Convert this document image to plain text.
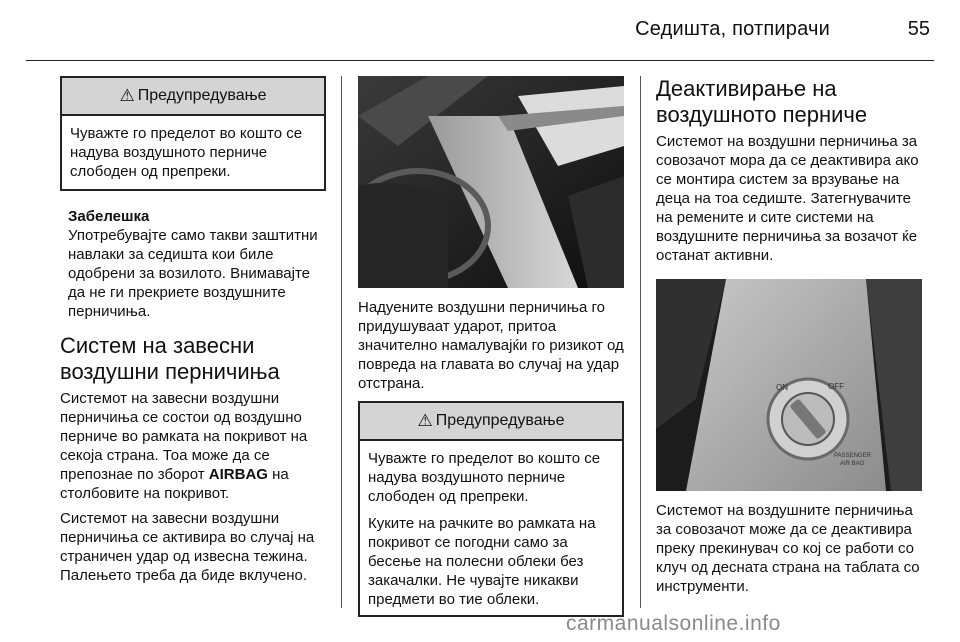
Седишта, потпирачи	55
⚠ Предупредување

Чуважте го пределот во кошто се надува воздушното перниче слободен од препреки.

Забелешка
Употребувајте само такви заштитни навлаки за седишта кои биле одобрени за возилото. Внимавајте да не ги прекриете воздушните перничиња.
Систем на завесни воздушни перничиња

Системот на завесни воздушни перничиња се состои од воздушно перниче во рамката на покривот на секоја страна. Тоа може да се препознае по зборот AIRBAG на столбовите на покривот.

Системот на завесни воздушни перничиња се активира во случај на страничен удар од извесна тежина. Палењето треба да биде вклучено.

Надуените воздушни перничиња го придушуваат ударот, притоа значително намалувајќи го ризикот од повреда на главата во случај на удар отстрана.

⚠ Предупредување

Чуважте го пределот во кошто се надува воздушното перниче слободен од препреки.

Куките на рачките во рамката на покривот се погодни само за бесење на полесни облеки без закачалки. Не чувајте никакви предмети во тие облеки.

Деактивирање на воздушното перниче

Системот на воздушни перничиња за совозачот мора да се деактивира ако се монтира систем за врзување на деца на тоа седиште. Затегнувачите на ремените и сите системи на воздушните перничиња за возачот ќе останат активни.

ON	OFF
PASSENGER
AIR BAG

Системот на воздушните перничиња за совозачот може да се деактивира преку прекинувач со кој се работи со клуч од десната страна на таблата со инструменти.

carmanualsonline.info
